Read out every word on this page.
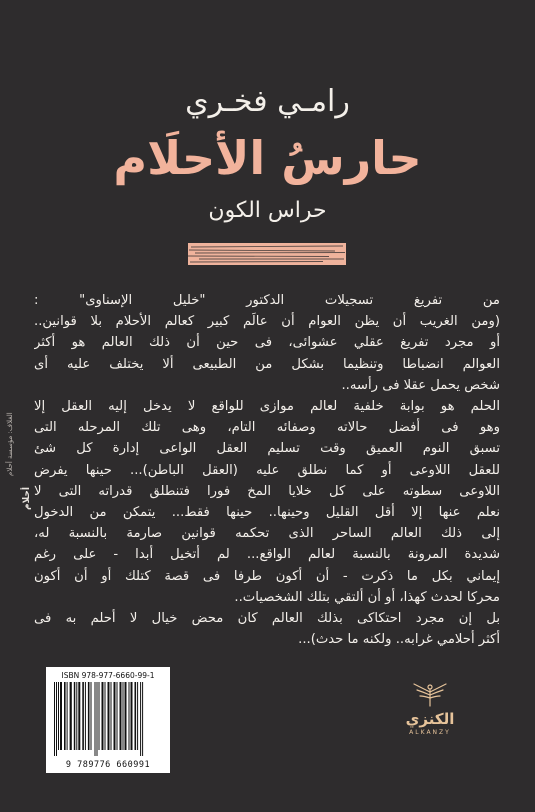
رامـي فخـري
حارسُ الأحلَام
حراس الكون
من تفريغ تسجيلات الدكتور "خليل الإسناوى" :
(ومن الغريب أن يظن العوام أن عالَم كبير كعالم الأحلام بلا قوانين..
أو مجرد تفريغ عقلي عشوائى، فى حين أن ذلك العالم هو أكثر
العوالم انضباطا وتنظيما بشكل من الطبيعى ألا يختلف عليه أى
شخص يحمل عقلا فى رأسه..
الحلم هو بوابة خلفية لعالم موازى للواقع لا يدخل إليه العقل إلا
وهو فى أفضل حالاته وصفائه التام، وهى تلك المرحله التى
تسبق النوم العميق وقت تسليم العقل الواعى إدارة كل شئ
للعقل اللاوعى أو كما نطلق عليه (العقل الباطن)... حينها يفرض
اللاوعى سطوته على كل خلايا المخ فورا فتنطلق قدراته التى لا
نعلم عنها إلا أقل القليل وحينها.. حينها فقط... يتمكن من الدخول
إلى ذلك العالم الساحر الذى تحكمه قوانين صارمة بالنسبة له،
شديدة المرونة بالنسبة لعالم الواقع... لم أتخيل أبدا - على رغم
إيماني بكل ما ذكرت - أن أكون طرفا فى قصة كتلك أو أن أكون
محركا لحدث كهذا، أو أن ألتقي بتلك الشخصيات..
بل إن مجرد احتكاكى بذلك العالم كان محض خيال لا أحلم به فى
أكثر أحلامي غرابه.. ولكنه ما حدث)...
الغلاف: مؤسسة أحلام
أحلام
ISBN 978-977-6660-99-1
9 789776 660991
الكنزي
ALKANZY
